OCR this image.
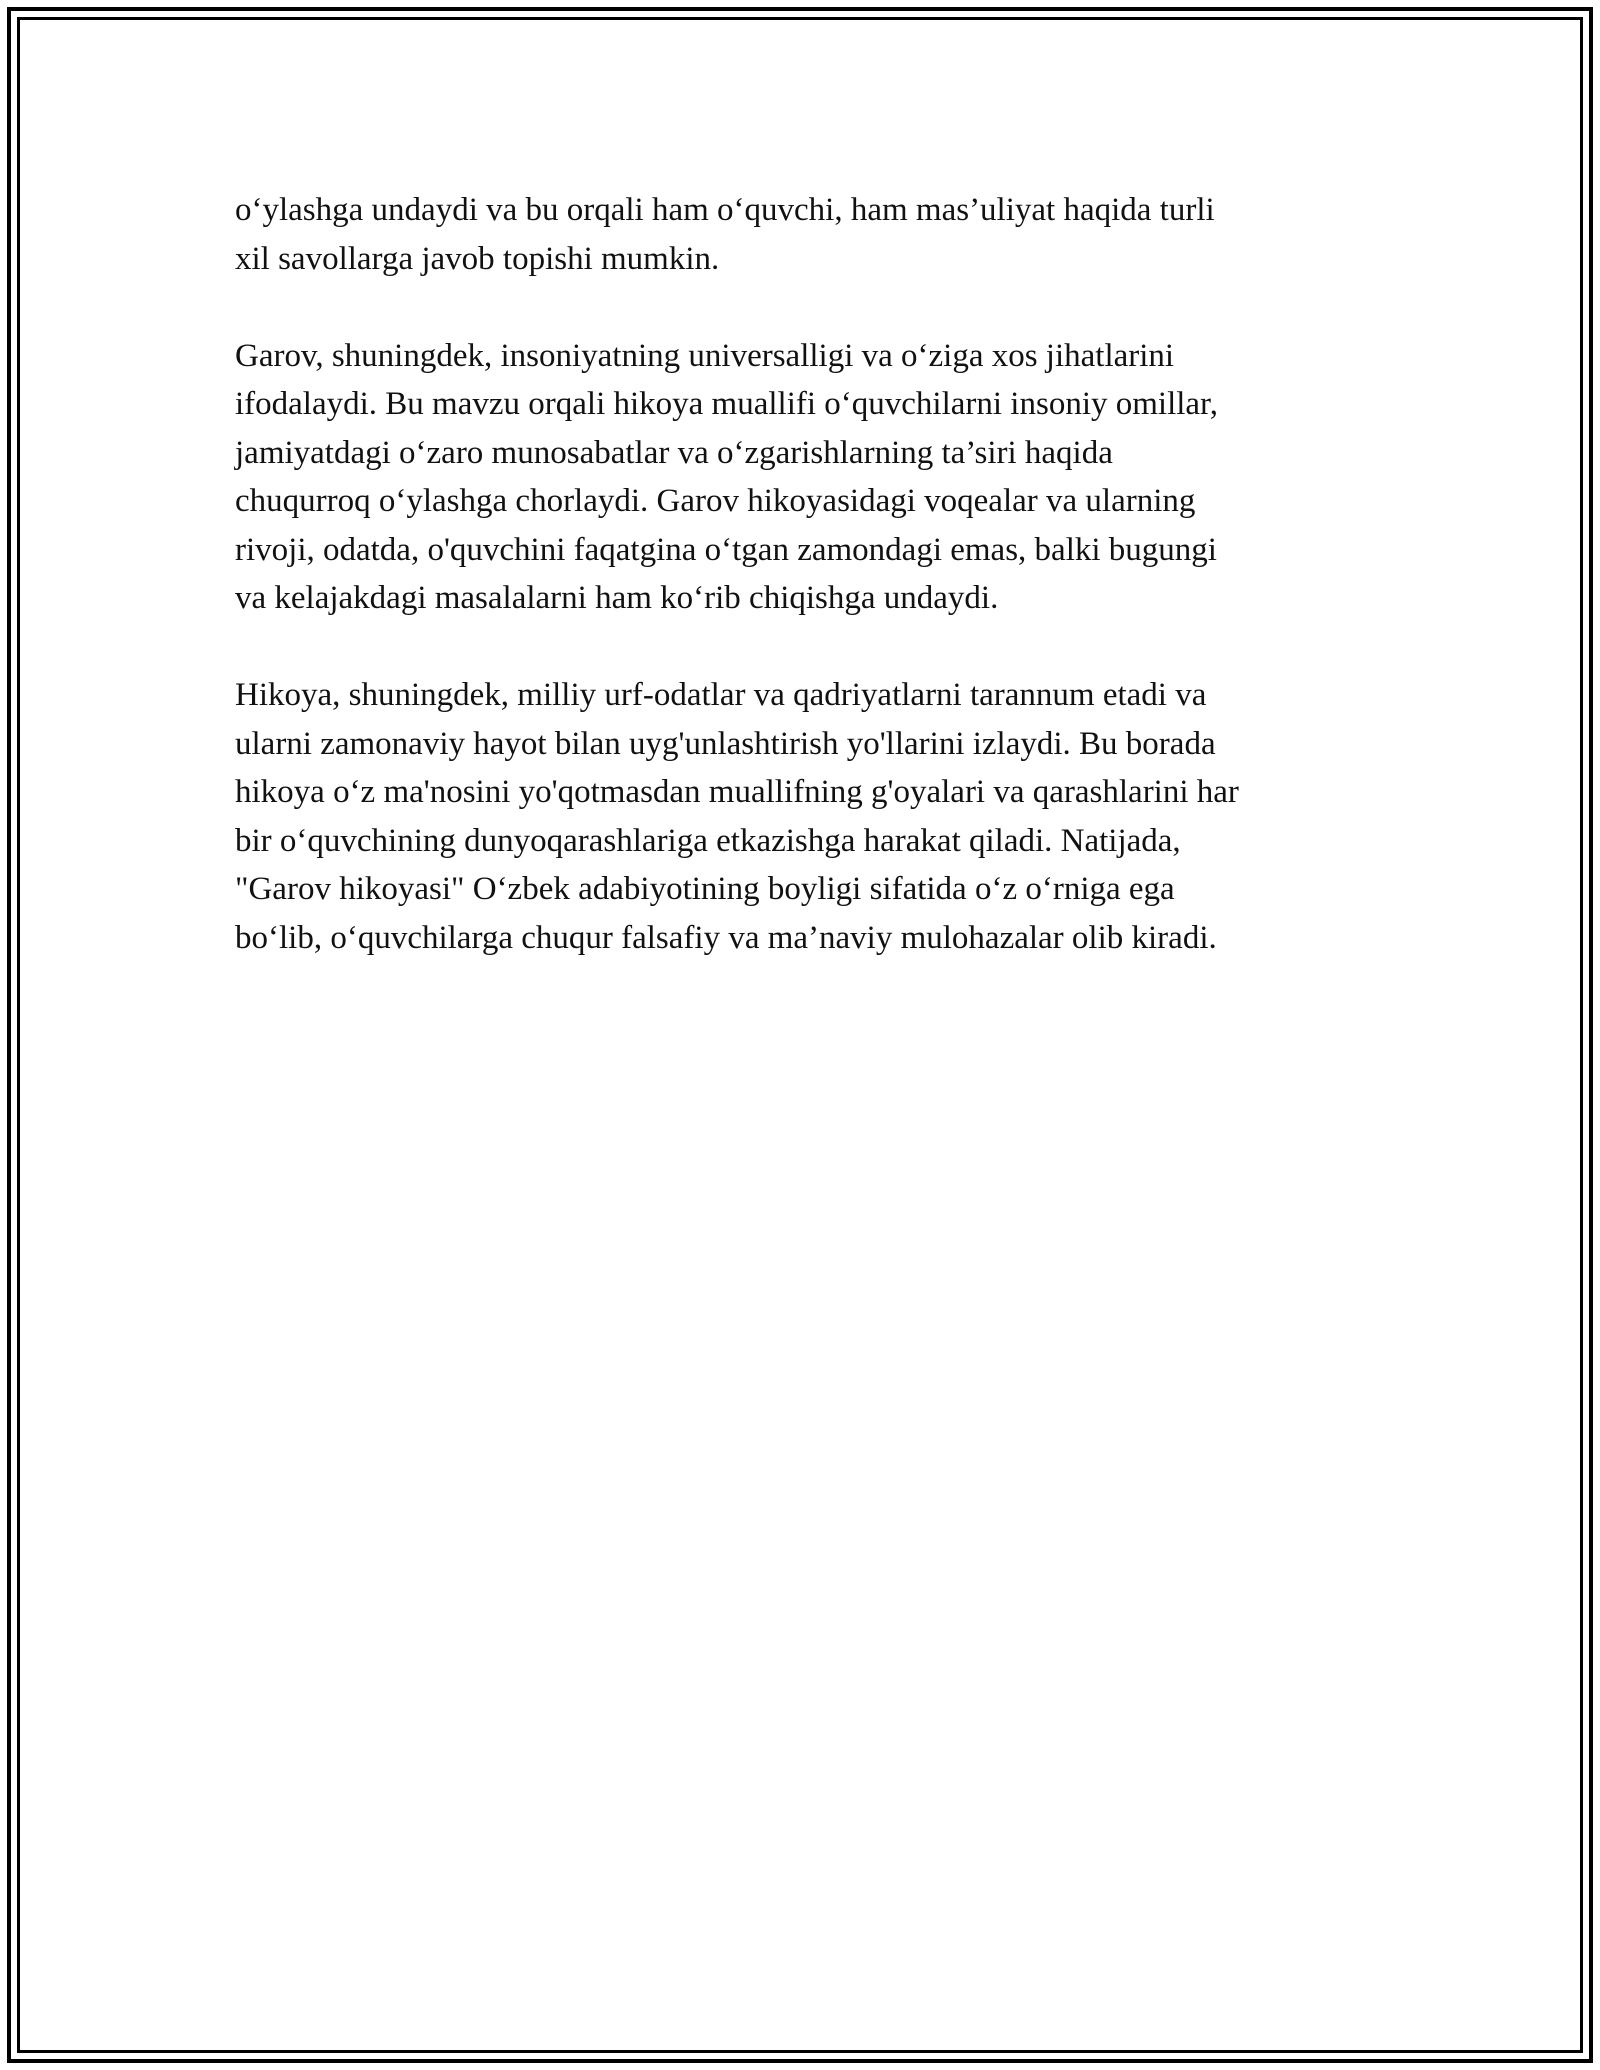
o‘ylashga undaydi va bu orqali ham o‘quvchi, ham mas’uliyat haqida turli
xil savollarga javob topishi mumkin.

Garov, shuningdek, insoniyatning universalligi va o‘ziga xos jihatlarini
ifodalaydi. Bu mavzu orqali hikoya muallifi o‘quvchilarni insoniy omillar,
jamiyatdagi o‘zaro munosabatlar va o‘zgarishlarning ta’siri haqida
chuqurroq o‘ylashga chorlaydi. Garov hikoyasidagi voqealar va ularning
rivoji, odatda, o'quvchini faqatgina o‘tgan zamondagi emas, balki bugungi
va kelajakdagi masalalarni ham ko‘rib chiqishga undaydi.

Hikoya, shuningdek, milliy urf-odatlar va qadriyatlarni tarannum etadi va
ularni zamonaviy hayot bilan uyg'unlashtirish yo'llarini izlaydi. Bu borada
hikoya o‘z ma'nosini yo'qotmasdan muallifning g'oyalari va qarashlarini har
bir o‘quvchining dunyoqarashlariga etkazishga harakat qiladi. Natijada,
"Garov hikoyasi" O‘zbek adabiyotining boyligi sifatida o‘z o‘rniga ega
bo‘lib, o‘quvchilarga chuqur falsafiy va ma’naviy mulohazalar olib kiradi.
